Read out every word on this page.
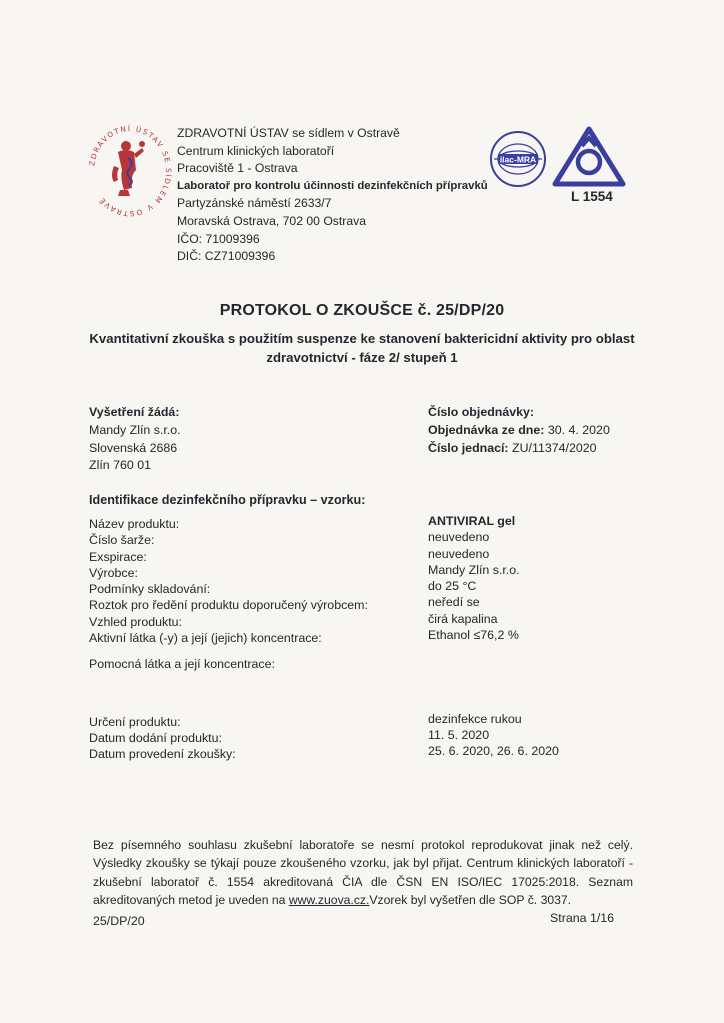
ZDRAVOTNÍ ÚSTAV SE SÍDLEM V OSTRAVĚ
ZDRAVOTNÍ ÚSTAV se sídlem v Ostravě
Centrum klinických laboratoří
Pracoviště 1 - Ostrava
Laboratoř pro kontrolu účinnosti dezinfekčních přípravků
Partyzánské náměstí 2633/7
Moravská Ostrava, 702 00 Ostrava
IČO: 71009396
DIČ: CZ71009396
ilac-MRA
L 1554
PROTOKOL O ZKOUŠCE č. 25/DP/20
Kvantitativní zkouška s použitím suspenze ke stanovení baktericidní aktivity pro oblast
zdravotnictví - fáze 2/ stupeň 1
Vyšetření žádá:
Mandy Zlín s.r.o.
Slovenská 2686
Zlín 760 01
Číslo objednávky:
Objednávka ze dne: 30. 4. 2020
Číslo jednací: ZU/11374/2020
Identifikace dezinfekčního přípravku – vzorku:
Název produktu:
Číslo šarže:
Exspirace:
Výrobce:
Podmínky skladování:
Roztok pro ředění produktu doporučený výrobcem:
Vzhled produktu:
Aktivní látka (-y) a její (jejich) koncentrace:
ANTIVIRAL gel
neuvedeno
neuvedeno
Mandy Zlín s.r.o.
do 25 °C
neředí se
čirá kapalina
Ethanol ≤76,2 %
Pomocná látka a její koncentrace:
Určení produktu:
Datum dodání produktu:
Datum provedení zkoušky:
dezinfekce rukou
11. 5. 2020
25. 6. 2020, 26. 6. 2020
Bez písemného souhlasu zkušební laboratoře se nesmí protokol reprodukovat jinak než celý. Výsledky zkoušky se týkají pouze zkoušeného vzorku, jak byl přijat. Centrum klinických laboratoří - zkušební laboratoř č. 1554 akreditovaná ČIA dle ČSN EN ISO/IEC 17025:2018. Seznam akreditovaných metod je uveden na www.zuova.cz.Vzorek byl vyšetřen dle SOP č. 3037.
25/DP/20	Strana 1/16
